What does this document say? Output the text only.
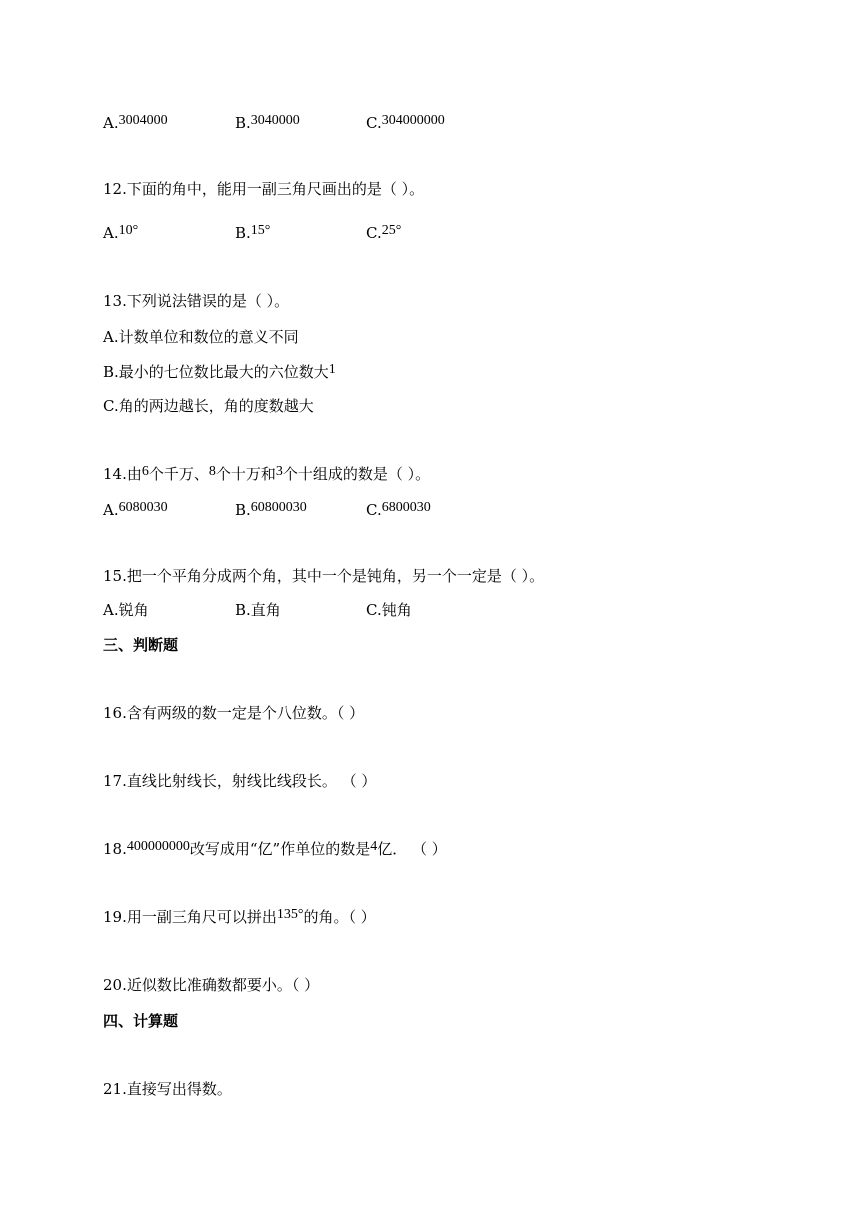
A.3004000	B.3040000	C.304000000
12.下面的角中，能用一副三角尺画出的是（ ）。
A.10°	B.15°	C.25°
13.下列说法错误的是（ ）。
A.计数单位和数位的意义不同
B.最小的七位数比最大的六位数大1
C.角的两边越长，角的度数越大
14.由6个千万、8个十万和3个十组成的数是（ ）。
A.6080030	B.60800030	C.6800030
15.把一个平角分成两个角，其中一个是钝角，另一个一定是（ ）。
A.锐角	B.直角	C.钝角
三、判断题
16.含有两级的数一定是个八位数。（ ）
17.直线比射线长，射线比线段长。 （ ）
18.400000000改写成用“亿”作单位的数是4亿． （ ）
19.用一副三角尺可以拼出135°的角。（ ）
20.近似数比准确数都要小。（ ）
四、计算题
21.直接写出得数。
